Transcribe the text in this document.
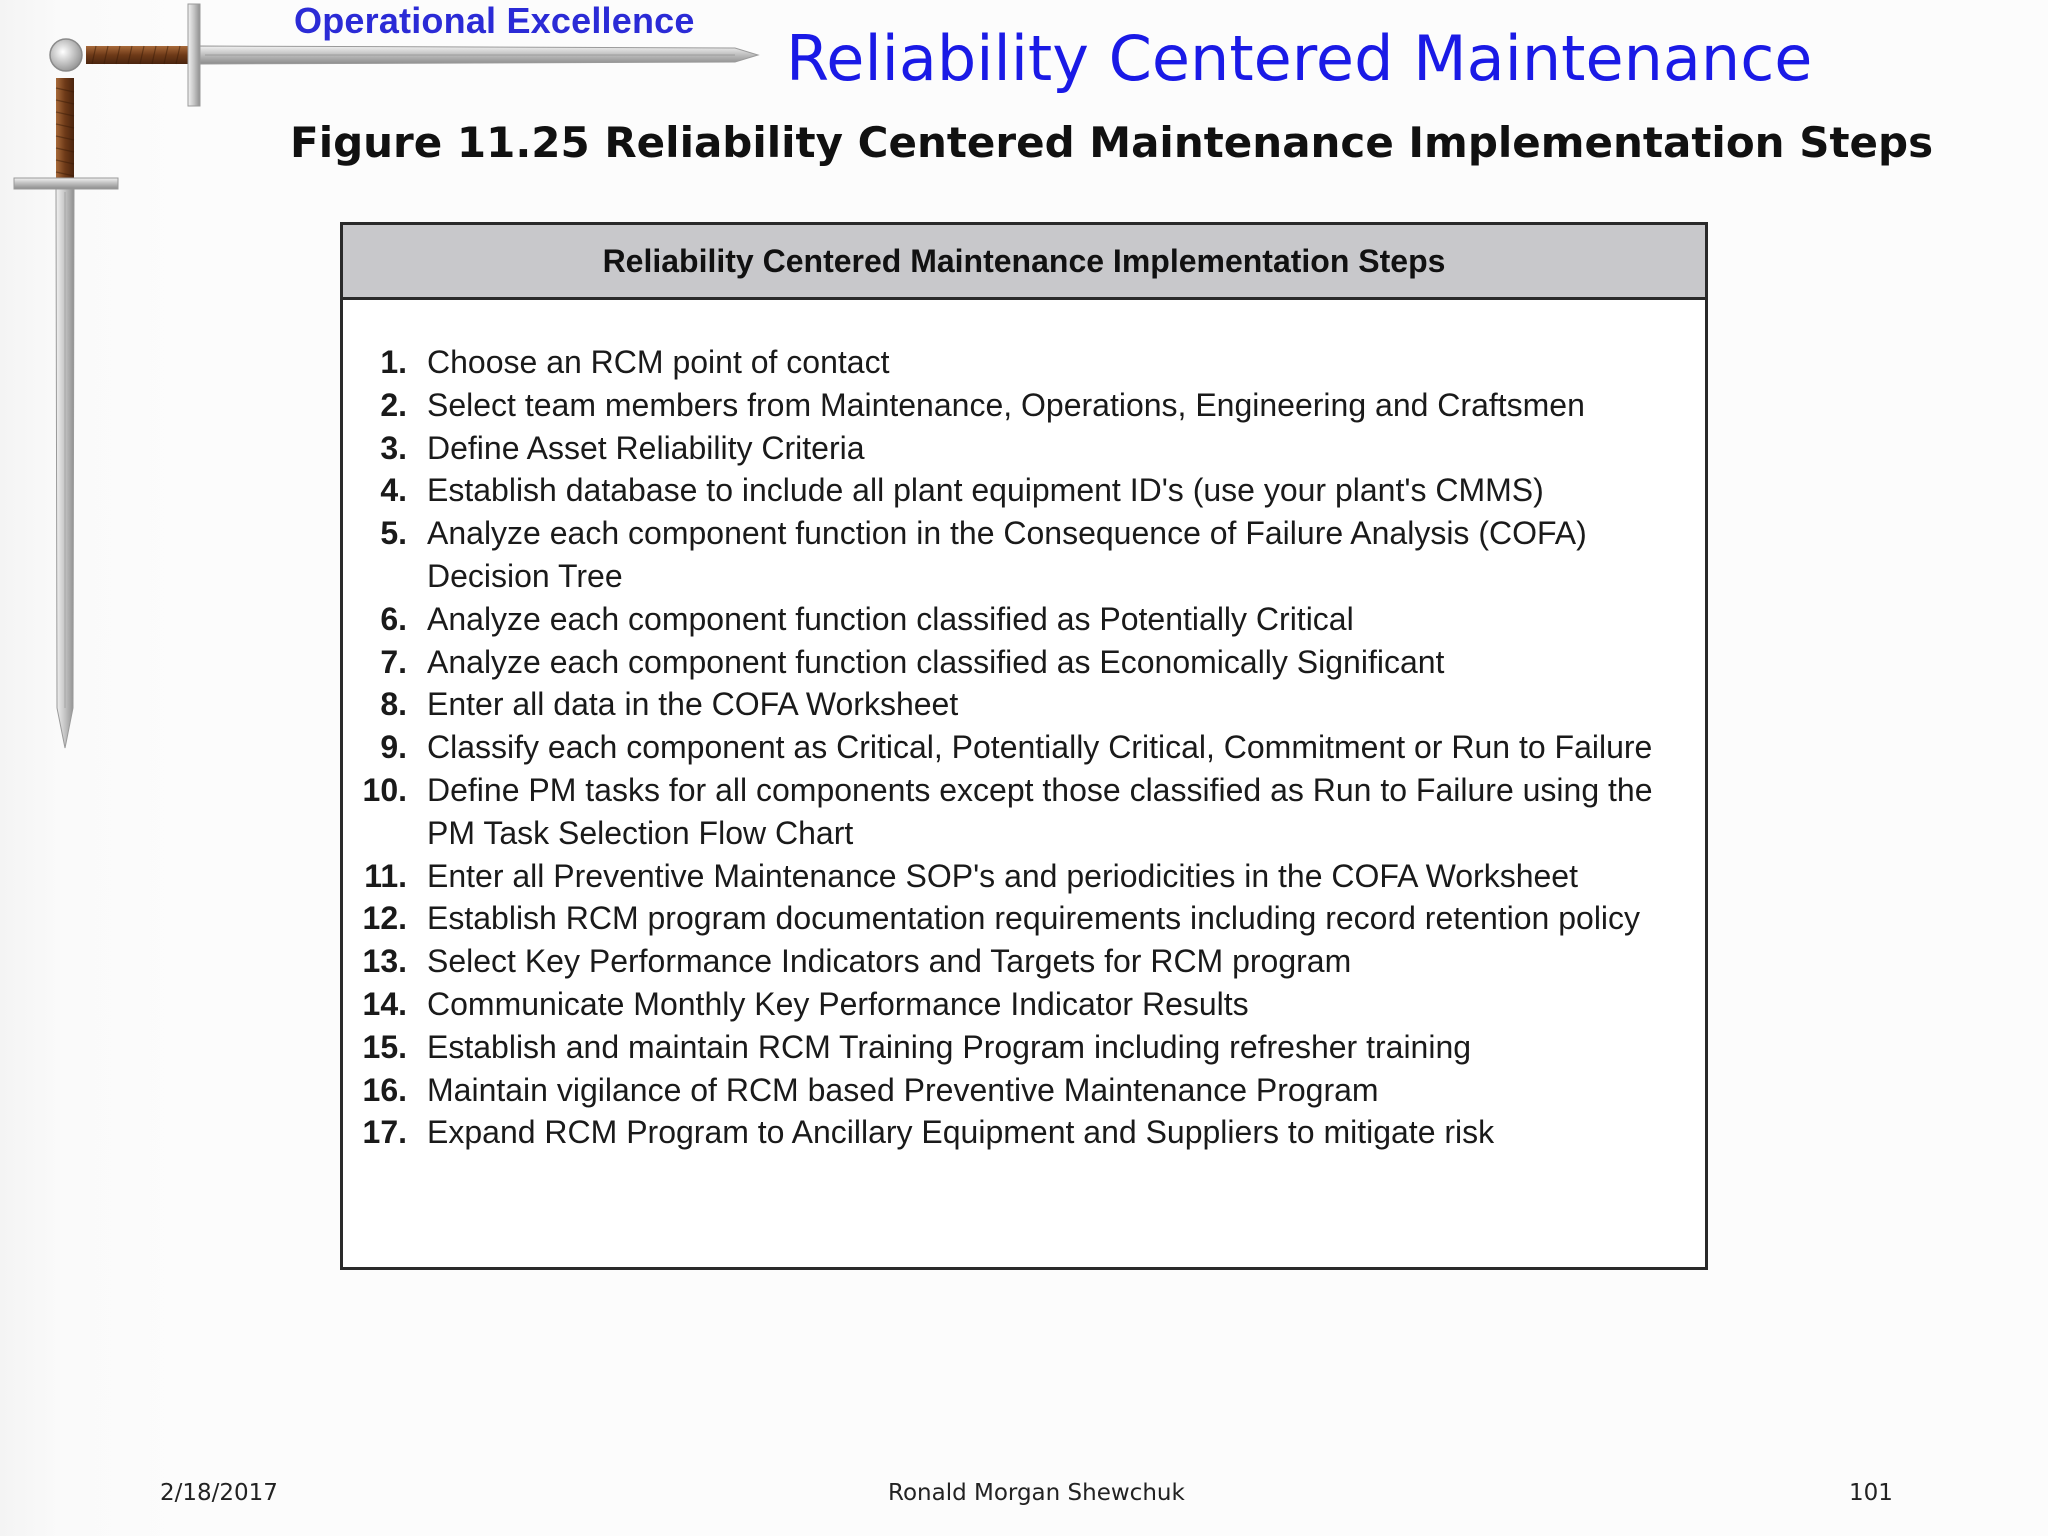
Operational Excellence
Reliability Centered Maintenance
Figure 11.25 Reliability Centered Maintenance Implementation Steps
Reliability Centered Maintenance Implementation Steps
1. Choose an RCM point of contact
2. Select team members from Maintenance, Operations, Engineering and Craftsmen
3. Define Asset Reliability Criteria
4. Establish database to include all plant equipment ID's (use your plant's CMMS)
5. Analyze each component function in the Consequence of Failure Analysis (COFA) Decision Tree
6. Analyze each component function classified as Potentially Critical
7. Analyze each component function classified as Economically Significant
8. Enter all data in the COFA Worksheet
9. Classify each component as Critical, Potentially Critical, Commitment or Run to Failure
10. Define PM tasks for all components except those classified as Run to Failure using the PM Task Selection Flow Chart
11. Enter all Preventive Maintenance SOP's and periodicities in the COFA Worksheet
12. Establish RCM program documentation requirements including record retention policy
13. Select Key Performance Indicators and Targets for RCM program
14. Communicate Monthly Key Performance Indicator Results
15. Establish and maintain RCM Training Program including refresher training
16. Maintain vigilance of RCM based Preventive Maintenance Program
17. Expand RCM Program to Ancillary Equipment and Suppliers to mitigate risk
2/18/2017	Ronald Morgan Shewchuk	101
